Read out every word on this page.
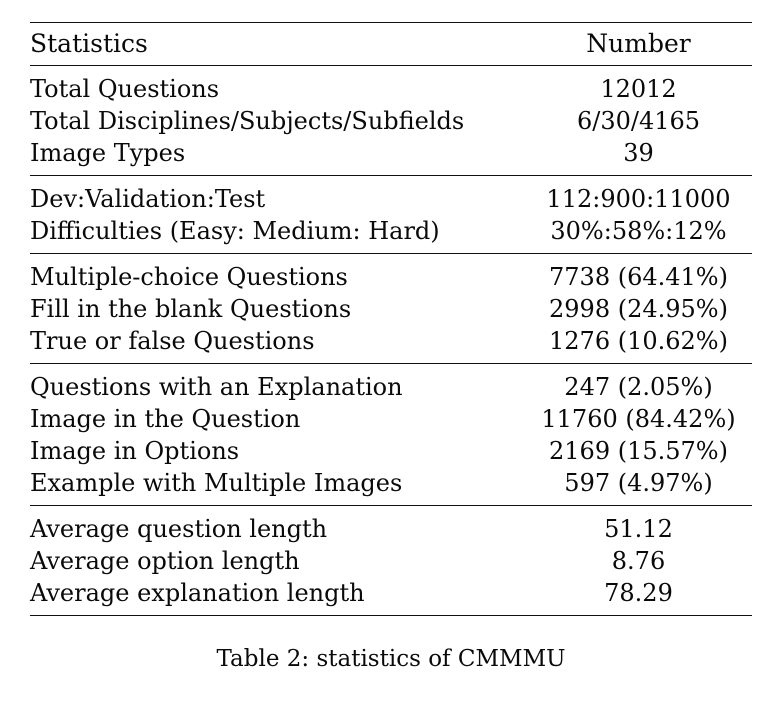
Statistics	Number

Total Questions	12012
Total Disciplines/Subjects/Subfields	6/30/4165
Image Types	39

Dev:Validation:Test	112:900:11000
Difficulties (Easy: Medium: Hard)	30%:58%:12%

Multiple-choice Questions	7738 (64.41%)
Fill in the blank Questions	2998 (24.95%)
True or false Questions	1276 (10.62%)

Questions with an Explanation	247 (2.05%)
Image in the Question	11760 (84.42%)
Image in Options	2169 (15.57%)
Example with Multiple Images	597 (4.97%)

Average question length	51.12
Average option length	8.76
Average explanation length	78.29

Table 2: statistics of CMMMU
